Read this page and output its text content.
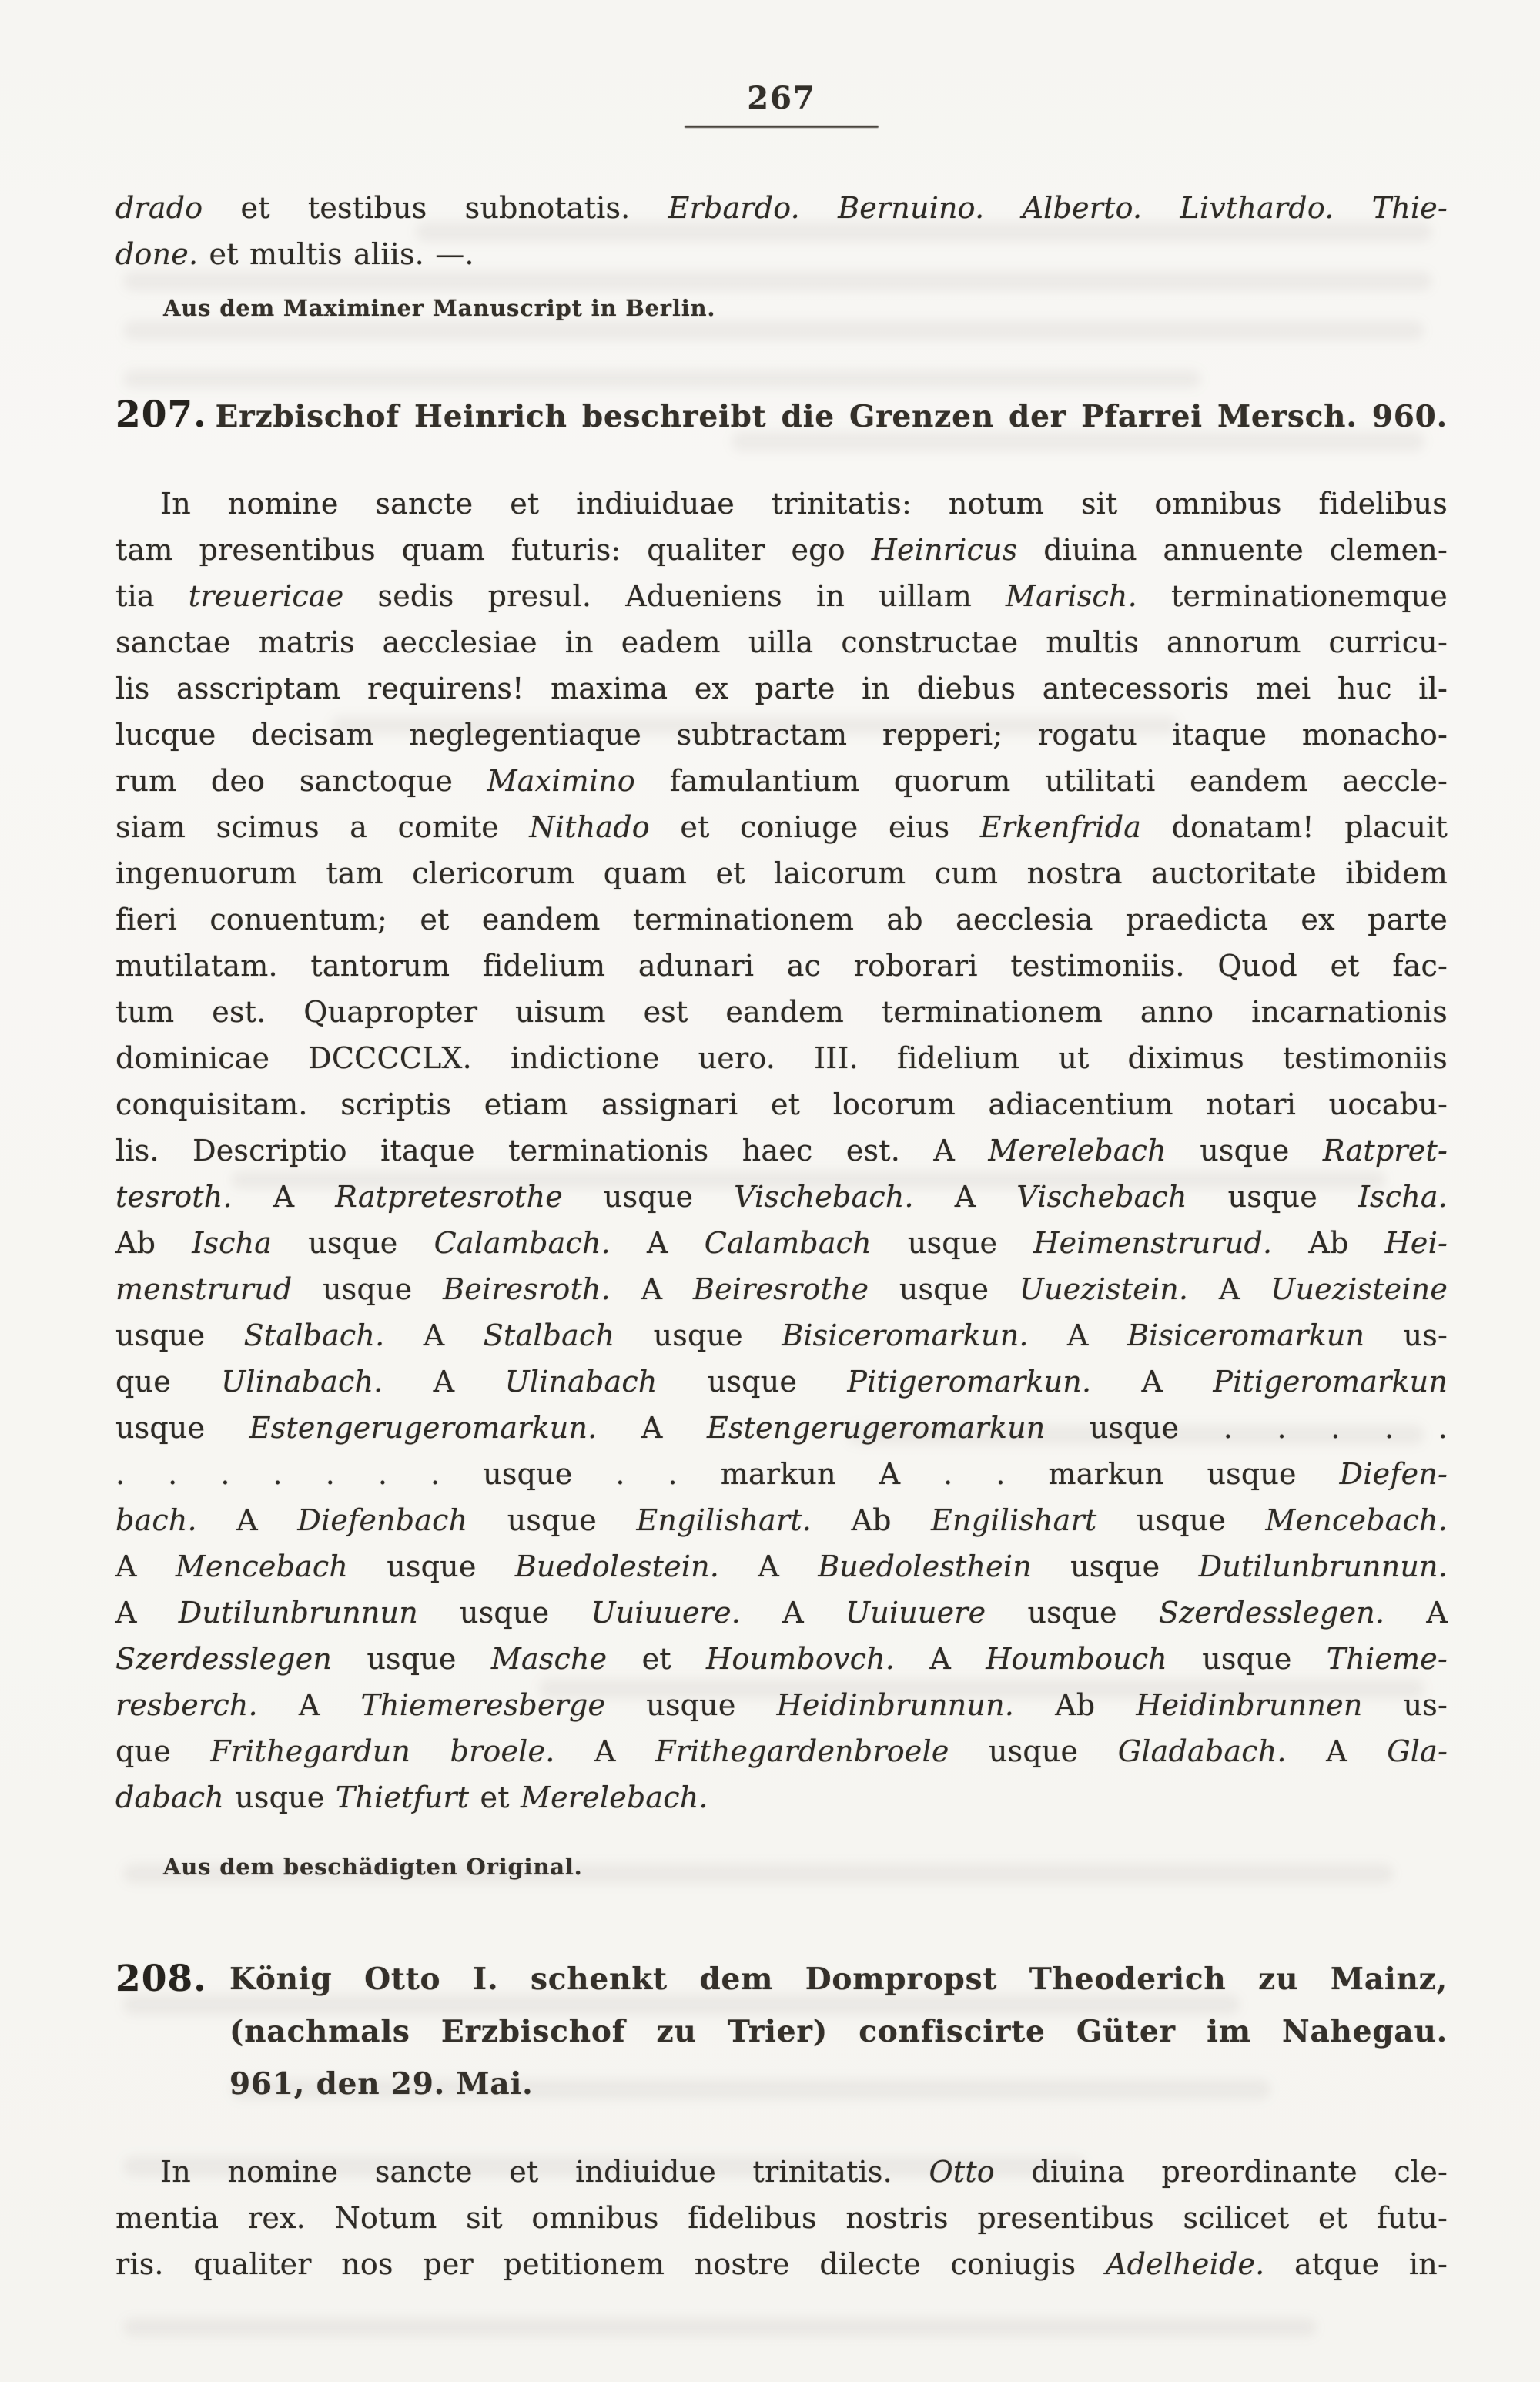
267
drado et testibus subnotatis. Erbardo. Bernuino. Alberto. Livthardo. Thie-
done. et multis aliis. —.
Aus dem Maximiner Manuscript in Berlin.
207. Erzbischof Heinrich beschreibt die Grenzen der Pfarrei Mersch. 960.
In nomine sancte et indiuiduae trinitatis: notum sit omnibus fidelibus
tam presentibus quam futuris: qualiter ego Heinricus diuina annuente clemen-
tia treuericae sedis presul. Adueniens in uillam Marisch. terminationemque
sanctae matris aecclesiae in eadem uilla constructae multis annorum curricu-
lis asscriptam requirens! maxima ex parte in diebus antecessoris mei huc il-
lucque decisam neglegentiaque subtractam repperi; rogatu itaque monacho-
rum deo sanctoque Maximino famulantium quorum utilitati eandem aeccle-
siam scimus a comite Nithado et coniuge eius Erkenfrida donatam! placuit
ingenuorum tam clericorum quam et laicorum cum nostra auctoritate ibidem
fieri conuentum; et eandem terminationem ab aecclesia praedicta ex parte
mutilatam. tantorum fidelium adunari ac roborari testimoniis. Quod et fac-
tum est. Quapropter uisum est eandem terminationem anno incarnationis
dominicae DCCCCLX. indictione uero. III. fidelium ut diximus testimoniis
conquisitam. scriptis etiam assignari et locorum adiacentium notari uocabu-
lis. Descriptio itaque terminationis haec est. A Merelebach usque Ratpret-
tesroth. A Ratpretesrothe usque Vischebach. A Vischebach usque Ischa.
Ab Ischa usque Calambach. A Calambach usque Heimenstrurud. Ab Hei-
menstrurud usque Beiresroth. A Beiresrothe usque Uuezistein. A Uuezisteine
usque Stalbach. A Stalbach usque Bisiceromarkun. A Bisiceromarkun us-
que Ulinabach. A Ulinabach usque Pitigeromarkun. A Pitigeromarkun
usque Estengerugeromarkun. A Estengerugeromarkun usque . . . . .
. . . . . . . usque . . markun A . . markun usque Diefen-
bach. A Diefenbach usque Engilishart. Ab Engilishart usque Mencebach.
A Mencebach usque Buedolestein. A Buedolesthein usque Dutilunbrunnun.
A Dutilunbrunnun usque Uuiuuere. A Uuiuuere usque Szerdesslegen. A
Szerdesslegen usque Masche et Houmbovch. A Houmbouch usque Thieme-
resberch. A Thiemeresberge usque Heidinbrunnun. Ab Heidinbrunnen us-
que Frithegardun broele. A Frithegardenbroele usque Gladabach. A Gla-
dabach usque Thietfurt et Merelebach.
Aus dem beschädigten Original.
208. König Otto I. schenkt dem Dompropst Theoderich zu Mainz,
(nachmals Erzbischof zu Trier) confiscirte Güter im Nahegau.
961, den 29. Mai.
In nomine sancte et indiuidue trinitatis. Otto diuina preordinante cle-
mentia rex. Notum sit omnibus fidelibus nostris presentibus scilicet et futu-
ris. qualiter nos per petitionem nostre dilecte coniugis Adelheide. atque in-
